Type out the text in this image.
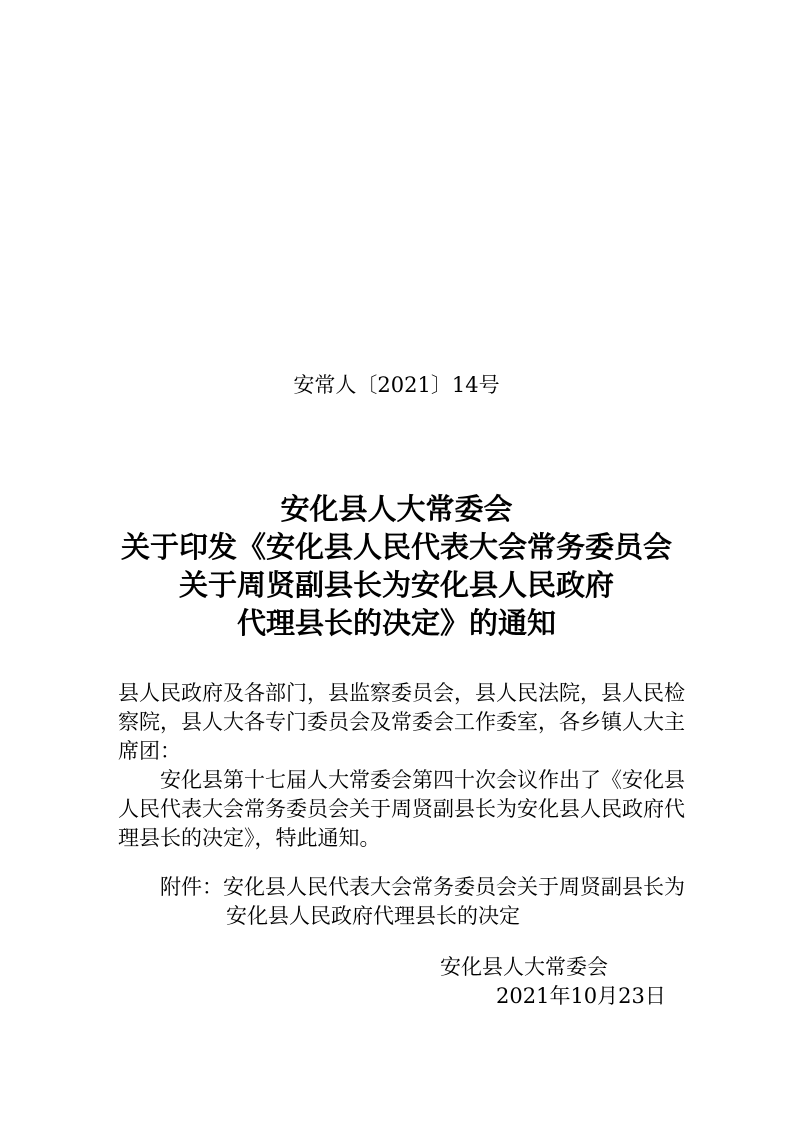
安常人〔2021〕14号
安化县人大常委会
关于印发《安化县人民代表大会常务委员会
关于周贤副县长为安化县人民政府
代理县长的决定》的通知
县人民政府及各部门，县监察委员会，县人民法院，县人民检察院，县人大各专门委员会及常委会工作委室，各乡镇人大主席团：
安化县第十七届人大常委会第四十次会议作出了《安化县人民代表大会常务委员会关于周贤副县长为安化县人民政府代理县长的决定》，特此通知。
附件：安化县人民代表大会常务委员会关于周贤副县长为
安化县人民政府代理县长的决定
安化县人大常委会
2021年10月23日
